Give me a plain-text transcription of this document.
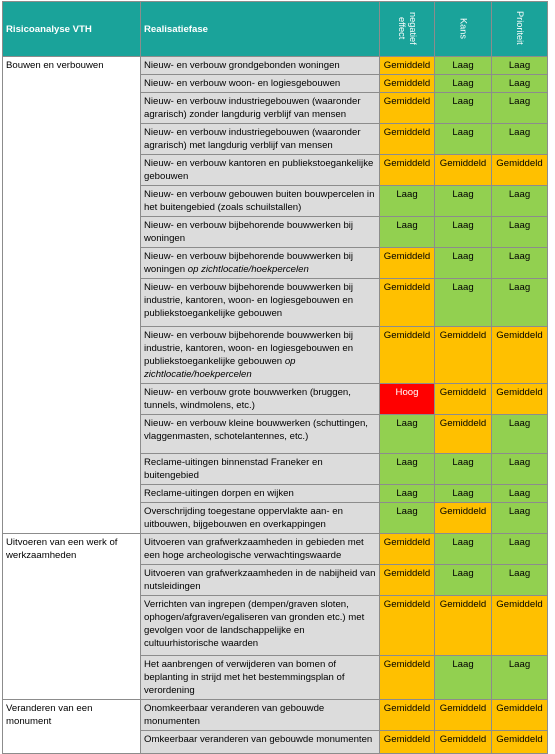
Risicoanalyse VTH	Realisatiefase	negatief effect	Kans	Prioriteit
Bouwen en verbouwen	Nieuw- en verbouw grondgebonden woningen	Gemiddeld	Laag	Laag
	Nieuw- en verbouw woon- en logiesgebouwen	Gemiddeld	Laag	Laag
	Nieuw- en verbouw industriegebouwen (waaronder agrarisch) zonder langdurig verblijf van mensen	Gemiddeld	Laag	Laag
	Nieuw- en verbouw industriegebouwen (waaronder agrarisch) met langdurig verblijf van mensen	Gemiddeld	Laag	Laag
	Nieuw- en verbouw kantoren en publiekstoegankelijke gebouwen	Gemiddeld	Gemiddeld	Gemiddeld
	Nieuw- en verbouw gebouwen buiten bouwpercelen in het buitengebied (zoals schuilstallen)	Laag	Laag	Laag
	Nieuw- en verbouw bijbehorende bouwwerken bij woningen	Laag	Laag	Laag
	Nieuw- en verbouw bijbehorende bouwwerken bij woningen op zichtlocatie/hoekpercelen	Gemiddeld	Laag	Laag
	Nieuw- en verbouw bijbehorende bouwwerken bij industrie, kantoren, woon- en logiesgebouwen en publiekstoegankelijke gebouwen	Gemiddeld	Laag	Laag
	Nieuw- en verbouw bijbehorende bouwwerken bij industrie, kantoren, woon- en logiesgebouwen en publiekstoegankelijke gebouwen op zichtlocatie/hoekpercelen	Gemiddeld	Gemiddeld	Gemiddeld
	Nieuw- en verbouw grote bouwwerken (bruggen, tunnels, windmolens, etc.)	Hoog	Gemiddeld	Gemiddeld
	Nieuw- en verbouw kleine bouwwerken (schuttingen, vlaggenmasten, schotelantennes, etc.)	Laag	Gemiddeld	Laag
	Reclame-uitingen binnenstad Franeker en buitengebied	Laag	Laag	Laag
	Reclame-uitingen dorpen en wijken	Laag	Laag	Laag
	Overschrijding toegestane oppervlakte aan- en uitbouwen, bijgebouwen en overkappingen	Laag	Gemiddeld	Laag
Uitvoeren van een werk of werkzaamheden	Uitvoeren van grafwerkzaamheden in gebieden met een hoge archeologische verwachtingswaarde	Gemiddeld	Laag	Laag
	Uitvoeren van grafwerkzaamheden in de nabijheid van nutsleidingen	Gemiddeld	Laag	Laag
	Verrichten van ingrepen (dempen/graven sloten, ophogen/afgraven/egaliseren van gronden etc.) met gevolgen voor de landschappelijke en cultuurhistorische waarden	Gemiddeld	Gemiddeld	Gemiddeld
	Het aanbrengen of verwijderen van bomen of beplanting in strijd met het bestemmingsplan of verordening	Gemiddeld	Laag	Laag
Veranderen van een monument	Onomkeerbaar veranderen van gebouwde monumenten	Gemiddeld	Gemiddeld	Gemiddeld
	Omkeerbaar veranderen van gebouwde monumenten	Gemiddeld	Gemiddeld	Gemiddeld
